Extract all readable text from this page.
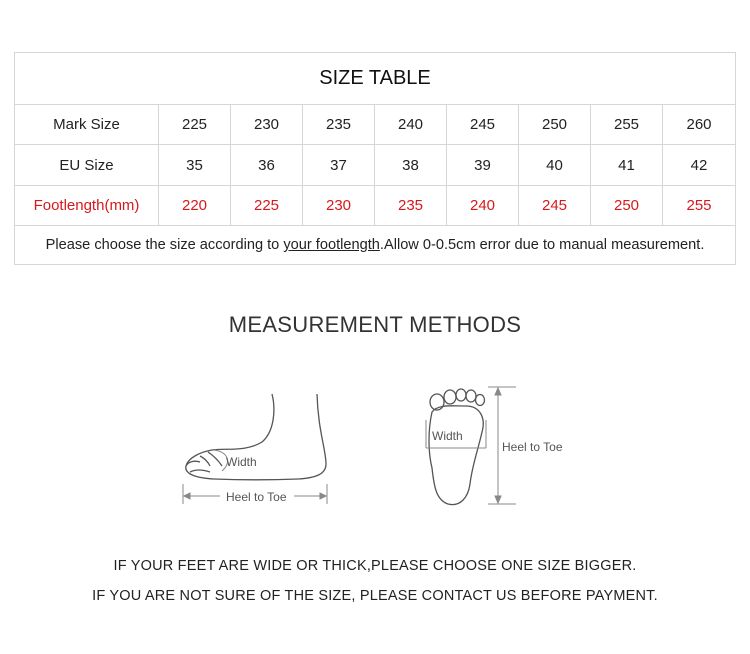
SIZE TABLE								
Mark Size	225	230	235	240	245	250	255	260
EU Size	35	36	37	38	39	40	41	42
Footlength(mm)	220	225	230	235	240	245	250	255
Please choose the size according to your footlength.Allow 0-0.5cm error due to manual measurement.								
MEASUREMENT METHODS
Width
Heel to Toe
Width
Heel to Toe
IF YOUR FEET ARE WIDE OR THICK,PLEASE CHOOSE ONE SIZE BIGGER.
IF YOU ARE NOT SURE OF THE SIZE, PLEASE CONTACT US BEFORE PAYMENT.
